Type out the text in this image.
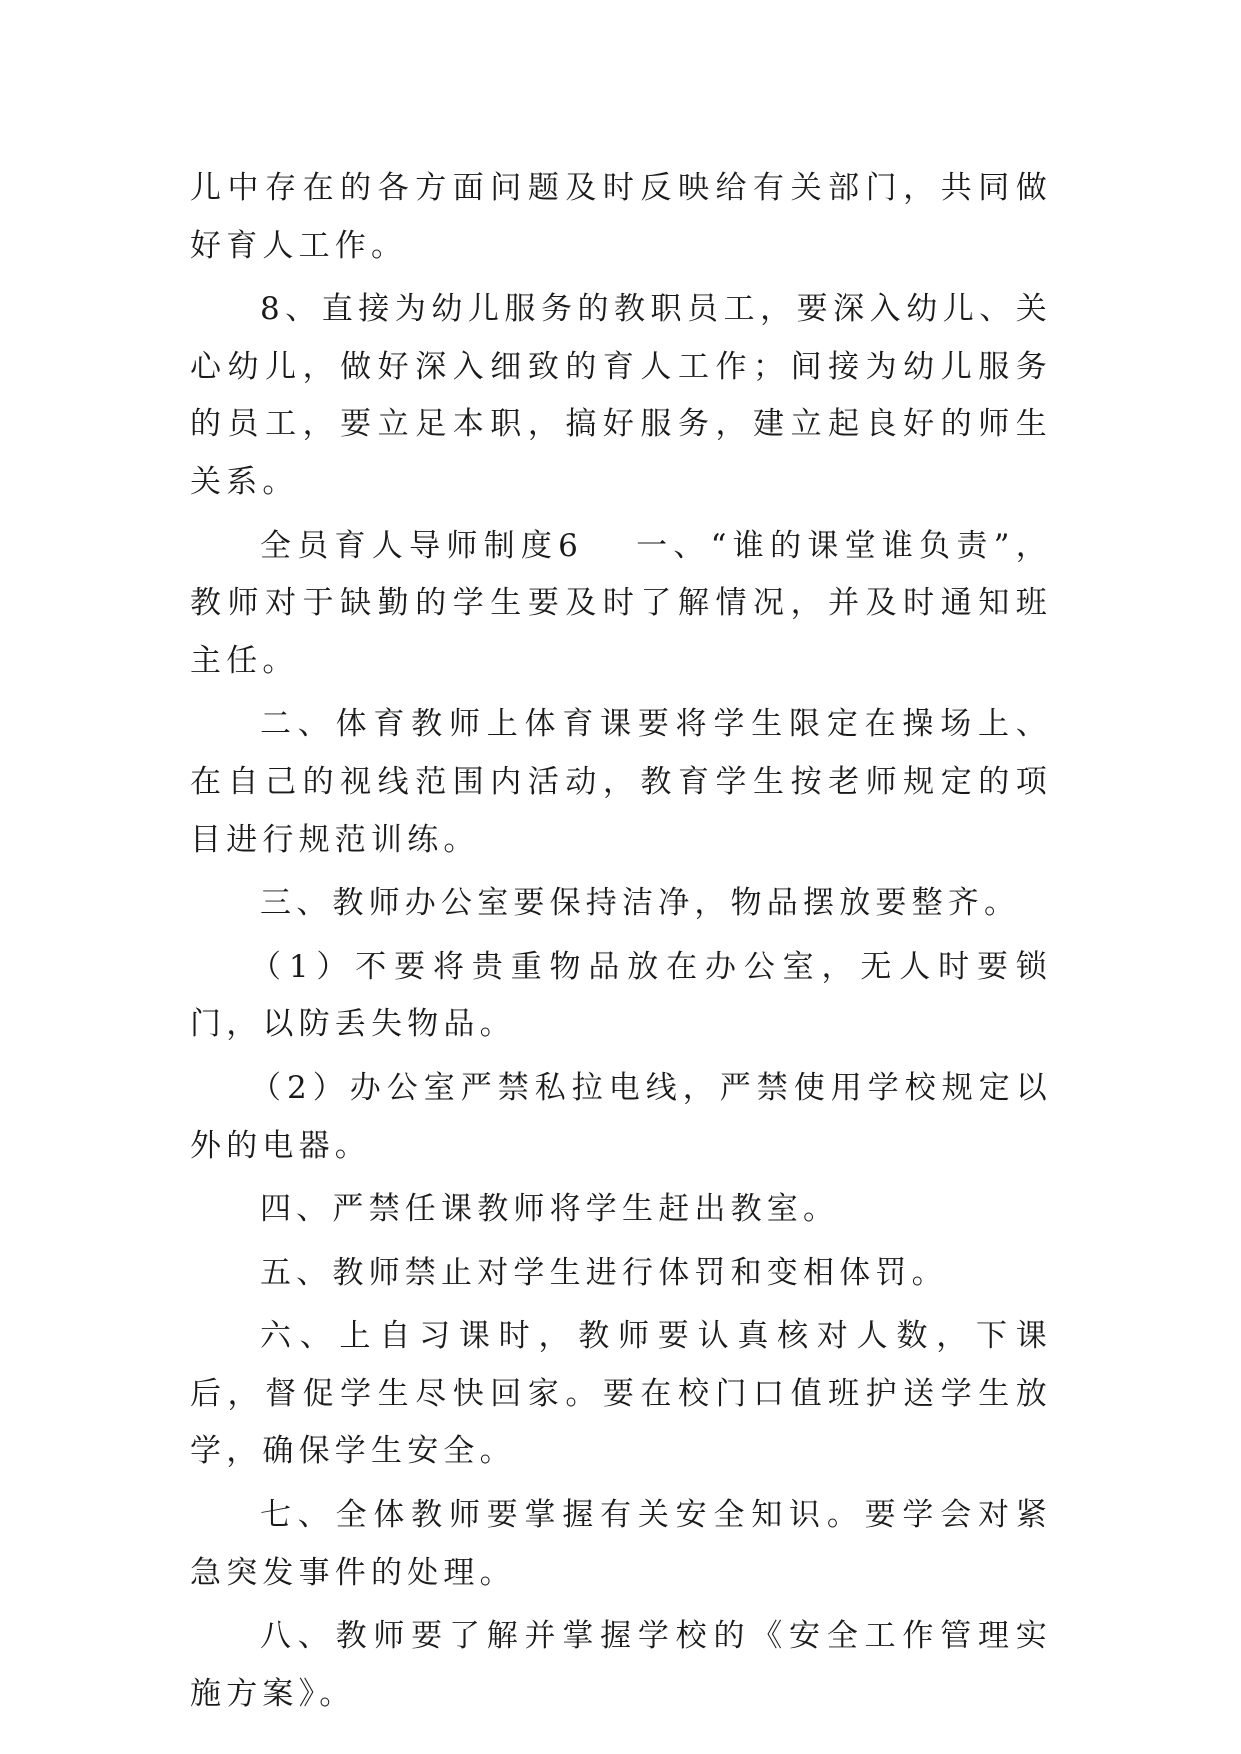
儿中存在的各方面问题及时反映给有关部门，共同做好育人工作。

8、直接为幼儿服务的教职员工，要深入幼儿、关心幼儿，做好深入细致的育人工作；间接为幼儿服务的员工，要立足本职，搞好服务，建立起良好的师生关系。

全员育人导师制度6 一、“谁的课堂谁负责”，教师对于缺勤的学生要及时了解情况，并及时通知班主任。

二、体育教师上体育课要将学生限定在操场上、在自己的视线范围内活动，教育学生按老师规定的项目进行规范训练。

三、教师办公室要保持洁净，物品摆放要整齐。

（1）不要将贵重物品放在办公室，无人时要锁门，以防丢失物品。

（2）办公室严禁私拉电线，严禁使用学校规定以外的电器。

四、严禁任课教师将学生赶出教室。

五、教师禁止对学生进行体罚和变相体罚。

六、上自习课时，教师要认真核对人数，下课后，督促学生尽快回家。要在校门口值班护送学生放学，确保学生安全。

七、全体教师要掌握有关安全知识。要学会对紧急突发事件的处理。

八、教师要了解并掌握学校的《安全工作管理实施方案》。
